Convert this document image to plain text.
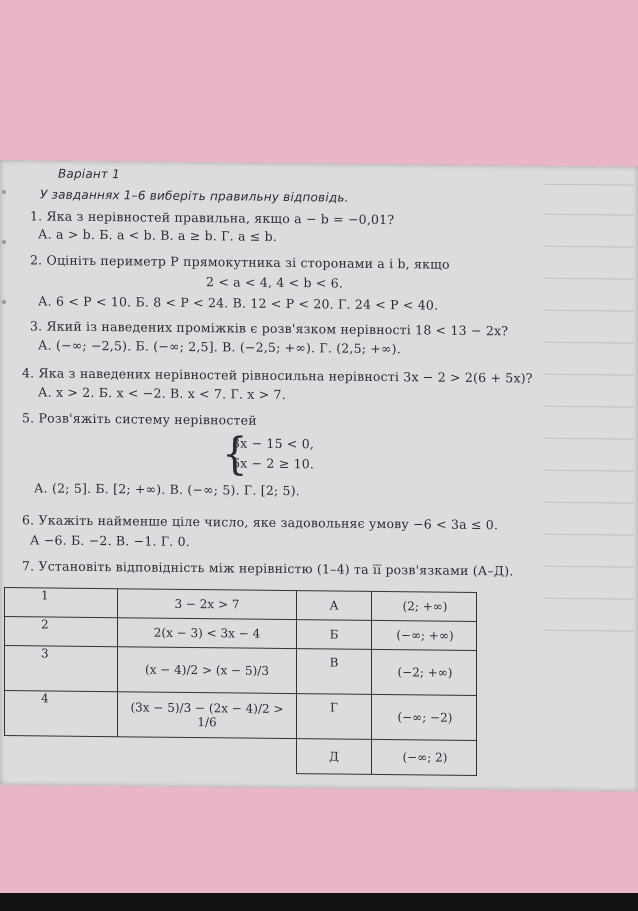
Варіант 1
У завданнях 1–6 виберіть правильну відповідь.
1. Яка з нерівностей правильна, якщо a − b = −0,01?
А. a > b. Б. a < b. В. a ≥ b. Г. a ≤ b.
2. Оцініть периметр P прямокутника зі сторонами a і b, якщо
2 < a < 4, 4 < b < 6.
А. 6 < P < 10. Б. 8 < P < 24. В. 12 < P < 20. Г. 24 < P < 40.
3. Який із наведених проміжків є розв'язком нерівності 18 < 13 − 2x?
А. (−∞; −2,5). Б. (−∞; 2,5]. В. (−2,5; +∞). Г. (2,5; +∞).
4. Яка з наведених нерівностей рівносильна нерівності 3x − 2 > 2(6 + 5x)?
А. x > 2. Б. x < −2. В. x < 7. Г. x > 7.
5. Розв'яжіть систему нерівностей
{
3x − 15 < 0,
6x − 2 ≥ 10.
А. (2; 5]. Б. [2; +∞). В. (−∞; 5). Г. [2; 5).
6. Укажіть найменше ціле число, яке задовольняє умову −6 < 3a ≤ 0.
А −6. Б. −2. В. −1. Г. 0.
7. Установіть відповідність між нерівністю (1–4) та її розв'язками (А–Д).
1	3 − 2x > 7	А	(2; +∞)
2	2(x − 3) < 3x − 4	Б	(−∞; +∞)
3	(x − 4)/2 > (x − 5)/3	В	(−2; +∞)
4	(3x − 5)/3 − (2x − 4)/2 > 1/6	Г	(−∞; −2)
		Д	(−∞; 2)
